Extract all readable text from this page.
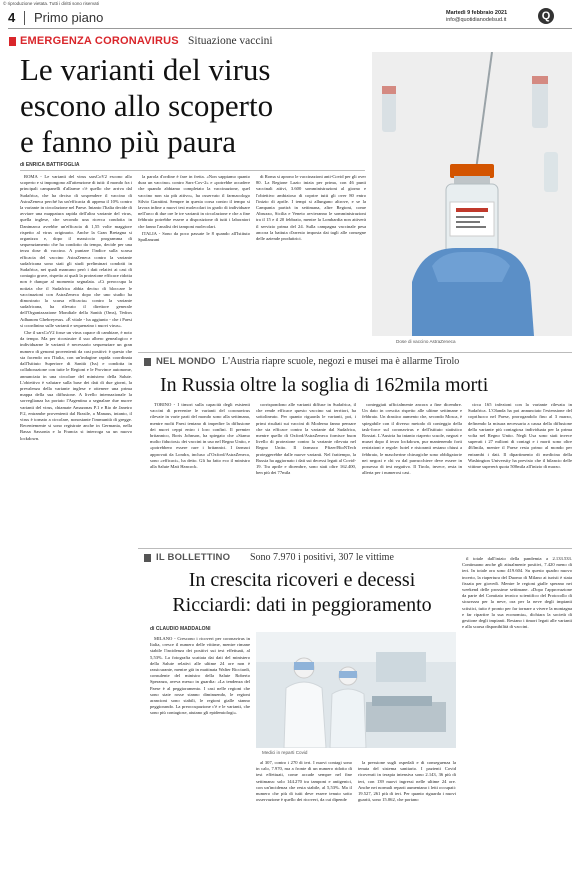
© riproduzione vietata. Tutti i diritti sono riservati
4 Primo piano	Martedì 9 febbraio 2021
info@quotidianodelsud.it	Q
EMERGENZA CORONAVIRUS Situazione vaccini
Le varianti del virus
escono allo scoperto
e fanno più paura
Dose di vaccino AstraZeneca
di ENRICA BATTIFOGLIA

ROMA - Le varianti del virus sarsCoV2 escono allo scoperto e si impongono all'attenzione di tutti: il mondo fra i principali campanelli d'allarme c'è quello che arriva dal Sudafrica, che ha deciso di sospendere il vaccino di AstraZeneca perché ha un'efficacia di appena il 10% contro la variante in circolazione nel Paese. Intanto l'Italia decide di avviare una mappatura rapida dell'altra variante del virus, quella inglese, che secondo una ricerca condotta in Danimarca avrebbe un'efficacia di 1,55 volte maggiore rispetto al virus originario. Anche la Gran Bretagna si organizza e, dopo il massiccio programma di sequenziamento che ha condotto da tempo, decide per una terza dose di vaccino. A puntare l'indice sulla scarsa efficacia del vaccino AstraZeneca contro la variante sudafricana sono stati gli studi preliminari condotti in Sudafrica, nei quali mancano però i dati relativi ai casi di contagio grave, rispetto ai quali la protezione efficace ridotta non è dunque al momento segnalata. «Ci preoccupa la notizia che il Sudafrica abbia deciso di bloccare le vaccinazioni con AstraZeneca dopo che uno studio ha dimostrato la scarsa efficacia» contro la variante sudafricana, ha rilevato il direttore generale dell'Organizzazione Mondiale della Sanità (Oms), Tedros Adhanom Ghebreyesus. «È vitale - ha aggiunto - che i Paesi si coordinino sulle varianti e sequenzino i nuovi virus».

Che il sarsCoV2 fosse un virus capace di cambiare, è noto da tempo. Ma per ricostruire il suo albero genealogico e individuarne le varianti è necessario sequenziare un gran numero di genomi provenienti da casi positivi: è questo che sta facendo ora l'Italia, con un'indagine rapida coordinata dall'Istituto Superiore di Sanità (Iss) e condotta in collaborazione con tutte le Regioni e le Province autonome, annunciata in una circolare del ministero della Salute. L'obiettivo è valutare sulla base dei dati di due giorni, la prevalenza della variante inglese e ottenere una prima mappa della sua diffusione. A livello internazionale la sorveglianza ha portato l'Argentina a segnalare due nuove varianti del virus, chiamate Amazonas P.1 e Rio de Janeiro P.2, entrambe provenienti dal Brasile, a Manaus, intanto, il virus è tornato a circolare, nonostante l'immunità di gregge. Recentemente si sono registrate anche in Germania, nella Bassa Sassonia e la Francia si interroga su un nuovo lockdown.

la parola d'ordine è fare in fretta. «Non sappiamo quanto dura un vaccino» contro Sars-Cov-2» e «potrebbe accadere che quando abbiamo completato la vaccinazione, quel vaccino non sia più attivo», ha osservato il farmacologo Silvio Garattini. Sempre in questa corsa contro il tempo si lavora infine a nuovi test molecolari in grado di individuare nell'arco di due ore le tre varianti in circolazione e che a fine febbraio potrebbe essere a disposizione di tutti i laboratori che fanno l'analisi dei tamponi molecolari.

ITALIA - Sono da poco passate le 8 quando all'Istituto Spallanzani

di Roma si aprono le vaccinazioni anti-Covid per gli over 80. La Regione Lazio inizia per prima, con 46 punti vaccinali attivi, 3.600 somministrazioni al giorno e l'obiettivo ambizioso di coprire tutti gli over 80 entro l'inizio di aprile. I tempi si allungano altrove, e se la Campania partirà in settimana, altre Regioni, come Abruzzo, Sicilia e Veneto avvieranno le somministrazioni tra il 15 e il 20 febbraio, mentre la Lombardia non attiverà il servizio prima del 24. Sulla campagna vaccinale pesa ancora la battuta d'arresto imposta dai tagli alle consegne delle aziende produttrici.

NEL MONDO L'Austria riapre scuole, negozi e musei ma è allarme Tirolo
In Russia oltre la soglia di 162mila morti

TORINO - I timori sulla capacità degli esistenti vaccini di prevenire le varianti del coronavirus rilevate in varie parti del mondo sono alla settimana, mentre molti Paesi tentano di impedire la diffusione dei nuovi ceppi entro i loro confini. Il premier britannico, Boris Johnson, ha spiegato che «Siamo molto fiduciosi» dei vaccini in uso nel Regno Unito, e «potrebbero essere rare i britannici. I farmaci approvati da Londra, incluso «l'Oxford/AstraZeneca, sono «efficaci», ha detto. Gli ha fatto eco il ministro alla Salute Matt Hancock.

corrispondono alle varianti diffuse in Sudafrica, il che rende efficace questo vaccino sui territori, ha sottolineato. Per quanto riguarda le varianti, poi, i primi risultati sui vaccini di Moderna fanno pensare che sia efficace contro la variante dal Sudafrica, mentre quello di Oxford/AstraZeneca fornisce buon livello di protezione contro la variante rilevata nel Regno Unito. Il farmaco Pfizer/BioNTech proteggerebbe dalle nuove varianti. Nel frattempo, la Russia ha aggiornato i dati sui decessi legati al Covid-19. Tra aprile e dicembre, sono stati oltre 162.400, ben più dei 77mila

conteggiati ufficialmente ancora a fine dicembre. Un dato in crescita rispetto alle ultime settimane e febbraio. Un drastico aumento che, secondo Mosca, è spiegabile con il diverso metodo di conteggio della task-force sul coronavirus e dell'istituto statistico Rosstat. L'Austria ha intanto riaperto scuole, negozi e musei dopo il terzo lockdown, pur mantenendo forti restrizioni e regole: hotel e ristoranti restano chiusi a febbraio, le mascherine chirurgiche sono obbligatorie nei negozi e chi va dal parrucchiere deve essere in possesso di test negativo. Il Tirolo, invece, resta in allerta per i numerosi casi.

circa 165 infezioni con la variante rilevata in Sudafrica. L'Olanda ha poi annunciato l'estensione del coprifuoco nel Paese, prorogandolo fino al 3 marzo, definendo la misura necessaria a causa della diffusione della variante più contagiosa individuata per la prima volta nel Regno Unito. Negli Usa sono stati invece superati i 27 milioni di contagi e i morti sono oltre 463mila, mentre il Paese resta primo al mondo per entrambi i dati. Il dipartimento di medicina della Washington University ha previsto che il bilancio delle vittime supererà quota 500mila all'inizio di marzo.

IL BOLLETTINO Sono 7.970 i positivi, 307 le vittime
In crescita ricoveri e decessi
Ricciardi: dati in peggioramento
di CLAUDIO MADDALONI

MILANO - Crescono i ricoveri per coronavirus in Italia, cresce il numero delle vittime, mentre rimane stabile l'incidenza dei positivi sui test effettuati, al 5,53%. La fotografia scattata dai dati del ministero della Salute relativi alle ultime 24 ore non è rassicurante, mentre già in mattinata Walter Ricciardi, consulente del ministro della Salute Roberto Speranza, aveva messo in guardia: «La tendenza del Paese è al peggioramento. I casi nelle regioni che sono state rosse stanno diminuendo, le regioni arancioni sono stabili, le regioni gialle stanno peggiorando. La preoccupazione c'è e le varianti, che sono più contagiose, aiutano gli epidemiologi».

Medici in reparti Covid

al 307, contro i 270 di ieri. I nuovi contagi sono in calo, 7.970, ma a fronte di un numero ridotto di test effettuati, come accade sempre nel fine settimana: solo 144.270 tra tamponi e antigenici, con un'incidenza che resta stabile, al 5,53%. Ma il numero che più di tutti deve essere tenuto sotto osservazione è quello dei ricoveri, da cui dipende

la pressione sugli ospedali e di conseguenza la tenuta del sistema sanitario. I pazienti Covid ricoverati in terapia intensiva sono 2.143, 36 più di ieri, con 139 nuovi ingressi nelle ultime 24 ore. Anche nei normali reparti aumentano i letti occupati: 19.527, 261 più di ieri. Per quanto riguarda i nuovi guariti, sono 15.062, che portano

il totale dall'inizio della pandemia a 2.133.533. Continuano anche gli attualmente positivi, 7.420 meno di ieri. In totale ora sono 419.604. Su questo quadro nuovo incerto, la riapertura del Duomo di Milano ai turisti è stata fissata per giovedì. Mentre le regioni gialle sperano nei weekend delle prossime settimane. «Dopo l'approvazione da parte del Comitato tecnico scientifico del Protocollo di sicurezza per la neve, ora per la neve degli impianti sciistici, tutto è pronto per far tornare a vivere la montagna e far ripartire la sua economia», dichiara la società di gestione degli impianti. Restano i timori legati alle varianti e alla scarsa disponibilità di vaccini.
